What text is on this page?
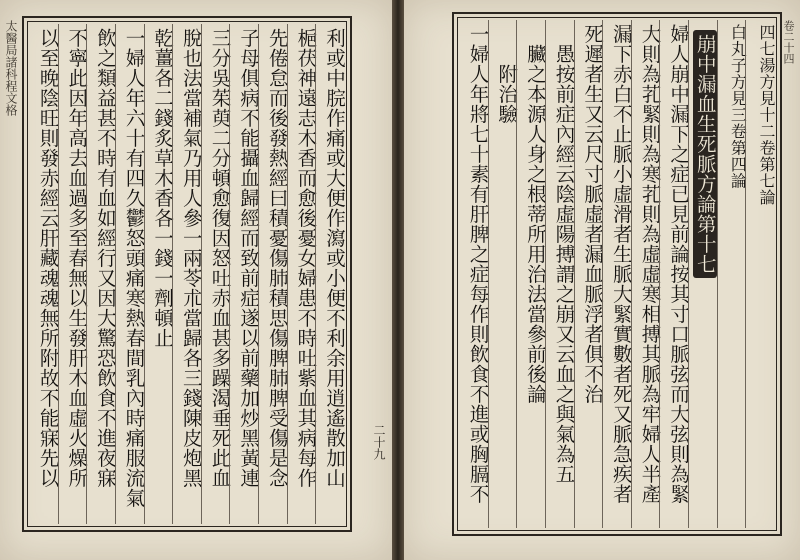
太醫局諸科程文格	利或中脘作痛或大便作瀉或小便不利余用逍遙散加山
梔茯神遠志木香而愈後憂女婦患不時吐紫血其病每作
先倦怠而後發熱經曰積憂傷肺積思傷脾肺脾受傷是念
子母俱病不能攝血歸經而致前症遂以前藥加炒黑黃連
三分吳茱萸二分頓愈復因怒吐赤血甚多躁渴垂死此血
脫也法當補氣乃用人參一兩苓朮當歸各三錢陳皮炮黑
乾薑各二錢炙草木香各一錢一劑頓止
一婦人年六十有四久鬱怒頭痛寒熱春間乳內時痛服流氣
飲之類益甚不時有血如經行又因大驚恐飲食不進夜寐
不寧此因年高去血過多至春無以生發肝木血虛火燥所
以至晚陰旺則發赤經云肝藏魂魂無所附故不能寐先以	二十九
四七湯方見十二卷第七論
白丸子方見三卷第四論
崩中漏血生死脈方論第十七
婦人崩中漏下之症已見前論按其寸口脈弦而大弦則為緊
大則為芤緊則為寒芤則為虛虛寒相搏其脈為牢婦人半產
漏下赤白不止脈小虛滑者生脈大緊實數者死又脈急疾者
死遲者生又云尺寸脈虛者漏血脈浮者俱不治
愚按前症內經云陰虛陽搏謂之崩又云血之與氣為五
臟之本源人身之根蒂所用治法當參前後論
附治驗
一婦人年將七十素有肝脾之症每作則飲食不進或胸膈不	卷二十四
